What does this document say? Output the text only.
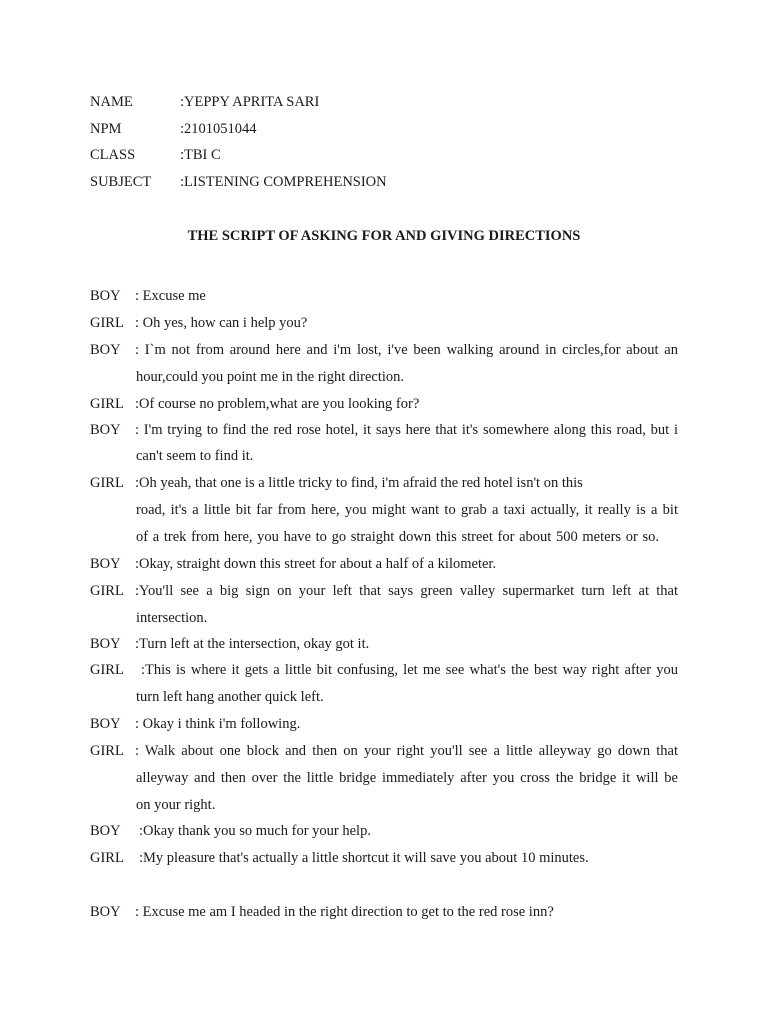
NAME	:YEPPY APRITA SARI
NPM	:2101051044
CLASS	:TBI C
SUBJECT :LISTENING COMPREHENSION
THE SCRIPT OF ASKING FOR AND GIVING DIRECTIONS
BOY : Excuse me
GIRL : Oh yes, how can i help you?
BOY : I`m not from around here and i'm lost, i've been walking around in circles,for about an
hour,could you point me in the right direction.
GIRL :Of course no problem,what are you looking for?
BOY : I'm trying to find the red rose hotel, it says here that it's somewhere along this road, but i
can't seem to find it.
GIRL :Oh yeah, that one is a little tricky to find, i'm afraid the red hotel isn't on this
road, it's a little bit far from here, you might want to grab a taxi actually, it really is a bit
of a trek from here, you have to go straight down this street for about 500 meters or so.
BOY :Okay, straight down this street for about a half of a kilometer.
GIRL :You'll see a big sign on your left that says green valley supermarket turn left at that
intersection.
BOY :Turn left at the intersection, okay got it.
GIRL :This is where it gets a little bit confusing, let me see what's the best way right after you
turn left hang another quick left.
BOY : Okay i think i'm following.
GIRL : Walk about one block and then on your right you'll see a little alleyway go down that
alleyway and then over the little bridge immediately after you cross the bridge it will be
on your right.
BOY :Okay thank you so much for your help.
GIRL :My pleasure that's actually a little shortcut it will save you about 10 minutes.
BOY : Excuse me am I headed in the right direction to get to the red rose inn?
